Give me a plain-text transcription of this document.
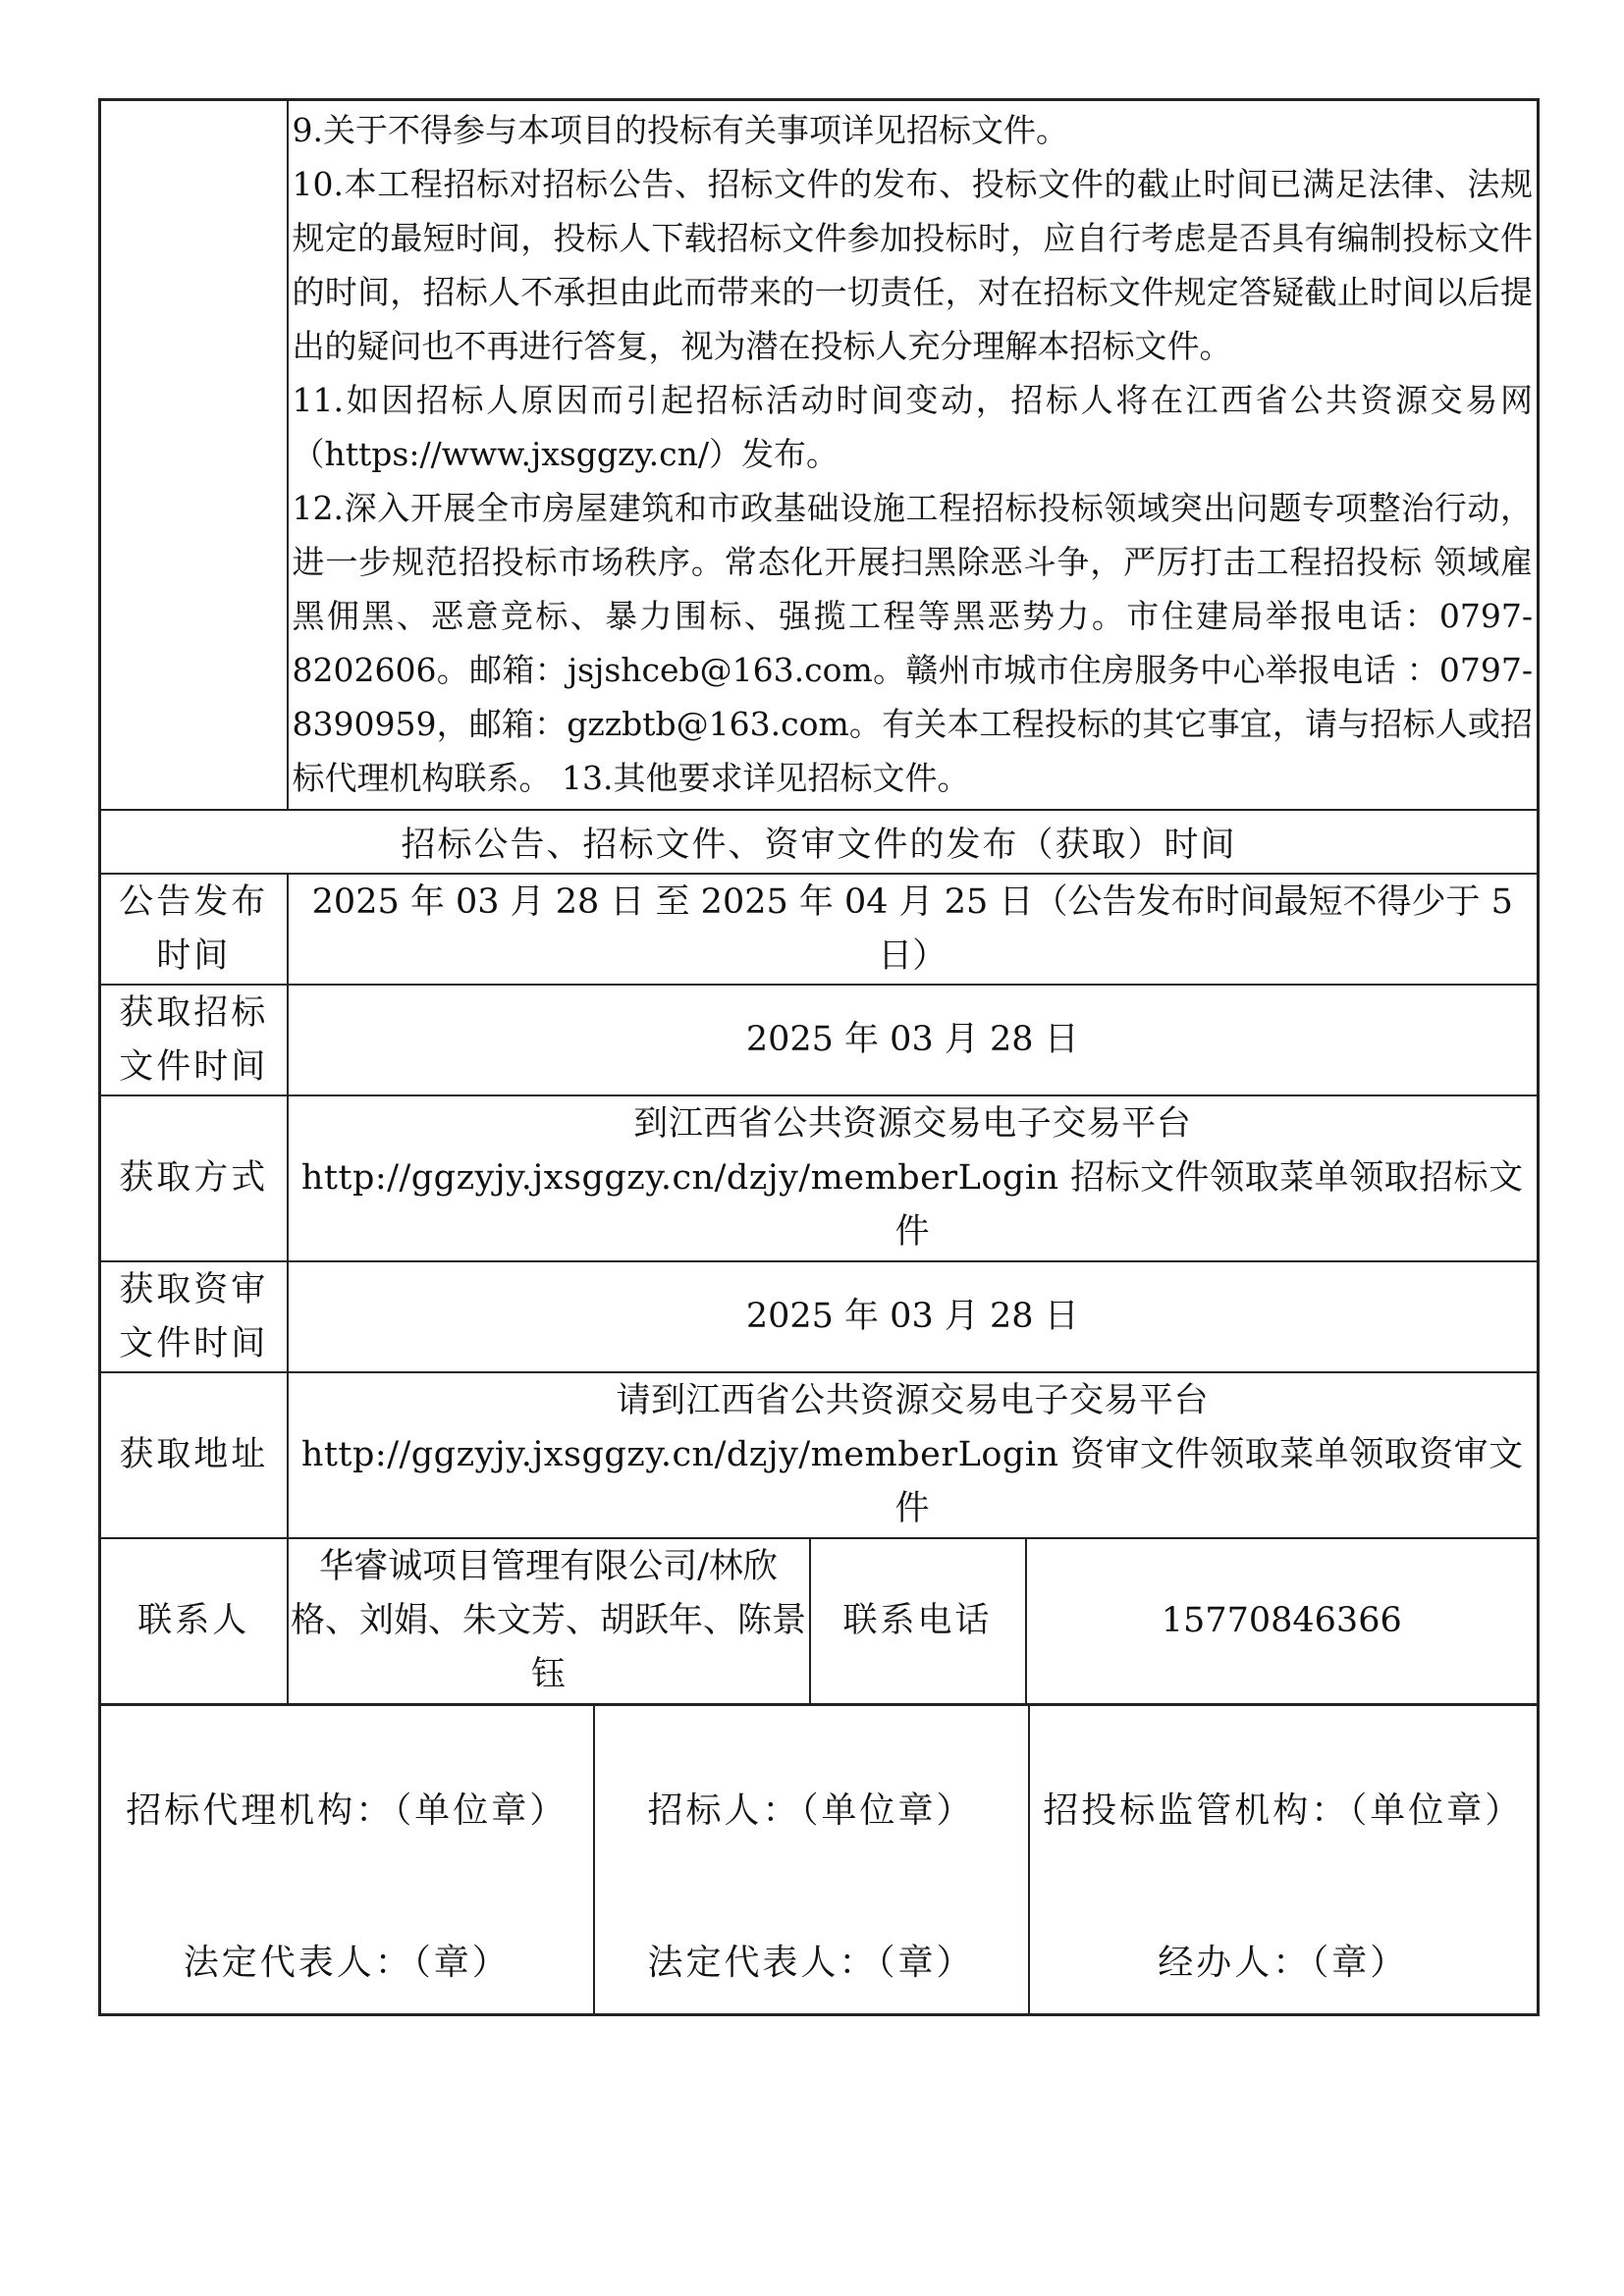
	9.关于不得参与本项目的投标有关事项详见招标文件。

10.本工程招标对招标公告、招标文件的发布、投标文件的截止时间已满足法律、法规规定的最短时间，投标人下载招标文件参加投标时，应自行考虑是否具有编制投标文件的时间，招标人不承担由此而带来的一切责任，对在招标文件规定答疑截止时间以后提出的疑问也不再进行答复，视为潜在投标人充分理解本招标文件。

11.如因招标人原因而引起招标活动时间变动，招标人将在江西省公共资源交易网（https://www.jxsggzy.cn/）发布。

12.深入开展全市房屋建筑和市政基础设施工程招标投标领域突出问题专项整治行动，进一步规范招投标市场秩序。常态化开展扫黑除恶斗争，严厉打击工程招投标 领域雇黑佣黑、恶意竞标、暴力围标、强揽工程等黑恶势力。市住建局举报电话：0797-8202606。邮箱：jsjshceb@163.com。赣州市城市住房服务中心举报电话 ：0797- 8390959，邮箱：gzzbtb@163.com。有关本工程投标的其它事宜，请与招标人或招标代理机构联系。 13.其他要求详见招标文件。		

招标公告、招标文件、资审文件的发布（获取）时间			
公告发布时间	2025 年 03 月 28 日 至 2025 年 04 月 25 日（公告发布时间最短不得少于 5 日）		
获取招标文件时间	2025 年 03 月 28 日		
获取方式	到江西省公共资源交易电子交易平台 http://ggzyjy.jxsggzy.cn/dzjy/memberLogin 招标文件领取菜单领取招标文件		
获取资审文件时间	2025 年 03 月 28 日		
获取地址	请到江西省公共资源交易电子交易平台 http://ggzyjy.jxsggzy.cn/dzjy/memberLogin 资审文件领取菜单领取资审文件		
联系人	华睿诚项目管理有限公司/林欣格、刘娟、朱文芳、胡跃年、陈景钰	联系电话	15770846366
招标代理机构：（单位章）
法定代表人：（章）

招标人：（单位章）
法定代表人：（章）

招投标监管机构：（单位章）
经办人：（章）
